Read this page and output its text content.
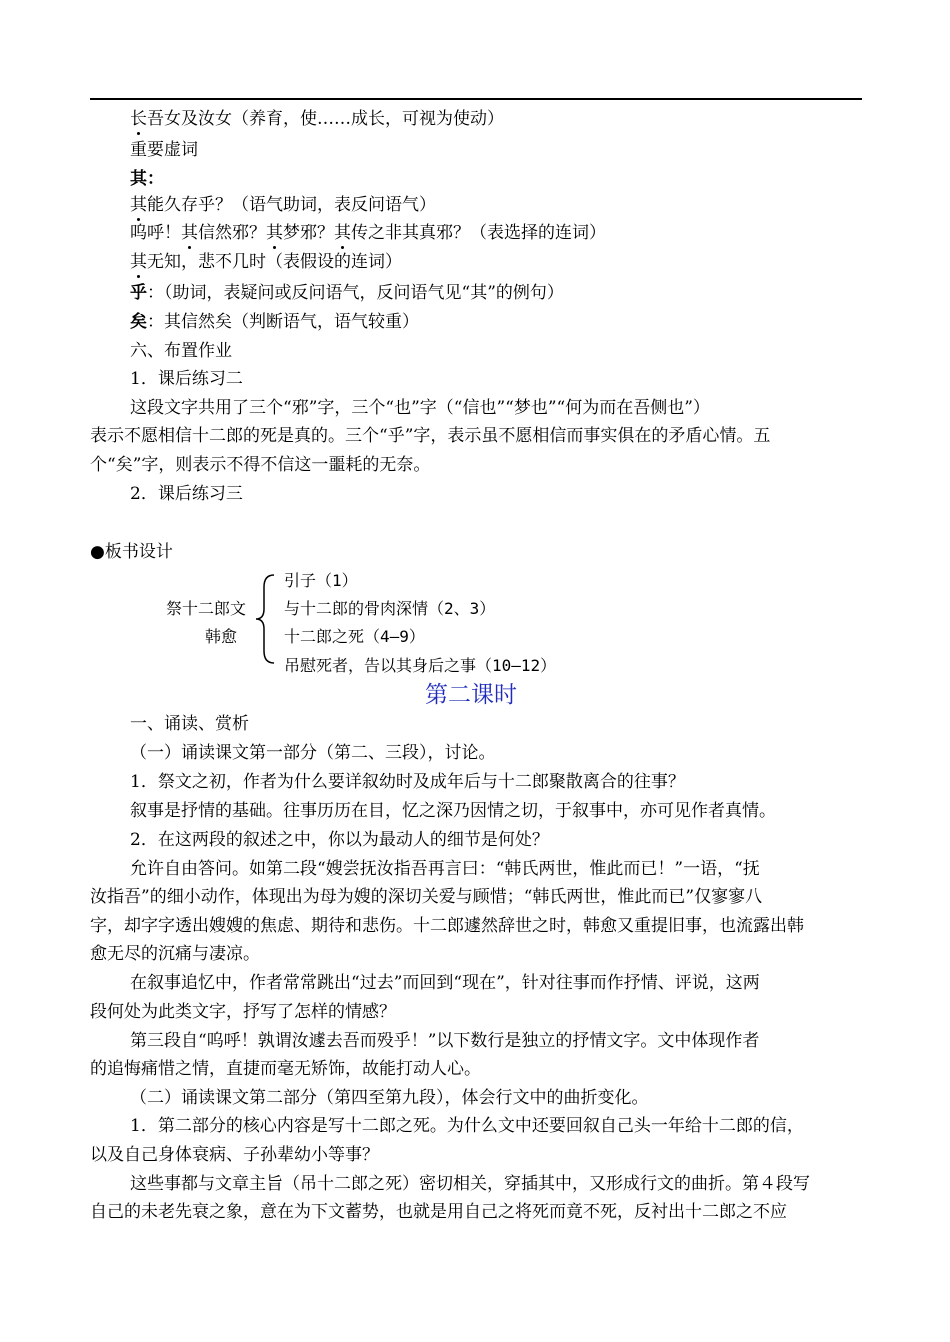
长吾女及汝女（养育，使……成长，可视为使动）
重要虚词
其：
其能久存乎？（语气助词，表反问语气）
呜呼！其信然邪？其梦邪？其传之非其真邪？（表选择的连词）
其无知，悲不几时（表假设的连词）
乎：（助词，表疑问或反问语气，反问语气见“其”的例句）
矣：其信然矣（判断语气，语气较重）
六、布置作业
1．课后练习二
这段文字共用了三个“邪”字，三个“也”字（“信也”“梦也”“何为而在吾侧也”）
表示不愿相信十二郎的死是真的。三个“乎”字，表示虽不愿相信而事实俱在的矛盾心情。五
个“矣”字，则表示不得不信这一噩耗的无奈。
2．课后练习三
●板书设计
祭十二郎文
韩愈
引子（1）
与十二郎的骨肉深情（2、3）
十二郎之死（4—9）
吊慰死者，告以其身后之事（10—12）
第二课时
一、诵读、赏析
（一）诵读课文第一部分（第二、三段），讨论。
1．祭文之初，作者为什么要详叙幼时及成年后与十二郎聚散离合的往事？
叙事是抒情的基础。往事历历在目，忆之深乃因情之切，于叙事中，亦可见作者真情。
2．在这两段的叙述之中，你以为最动人的细节是何处？
允许自由答问。如第二段“嫂尝抚汝指吾再言曰：“韩氏两世，惟此而已！”一语，“抚
汝指吾”的细小动作，体现出为母为嫂的深切关爱与顾惜；“韩氏两世，惟此而已”仅寥寥八
字，却字字透出嫂嫂的焦虑、期待和悲伤。十二郎遽然辞世之时，韩愈又重提旧事，也流露出韩
愈无尽的沉痛与凄凉。
在叙事追忆中，作者常常跳出“过去”而回到“现在”，针对往事而作抒情、评说，这两
段何处为此类文字，抒写了怎样的情感？
第三段自“呜呼！孰谓汝遽去吾而殁乎！”以下数行是独立的抒情文字。文中体现作者
的追悔痛惜之情，直捷而毫无矫饰，故能打动人心。
（二）诵读课文第二部分（第四至第九段），体会行文中的曲折变化。
1．第二部分的核心内容是写十二郎之死。为什么文中还要回叙自己头一年给十二郎的信，
以及自己身体衰病、子孙辈幼小等事？
这些事都与文章主旨（吊十二郎之死）密切相关，穿插其中，又形成行文的曲折。第４段写
自己的未老先衰之象，意在为下文蓄势，也就是用自己之将死而竟不死，反衬出十二郎之不应
